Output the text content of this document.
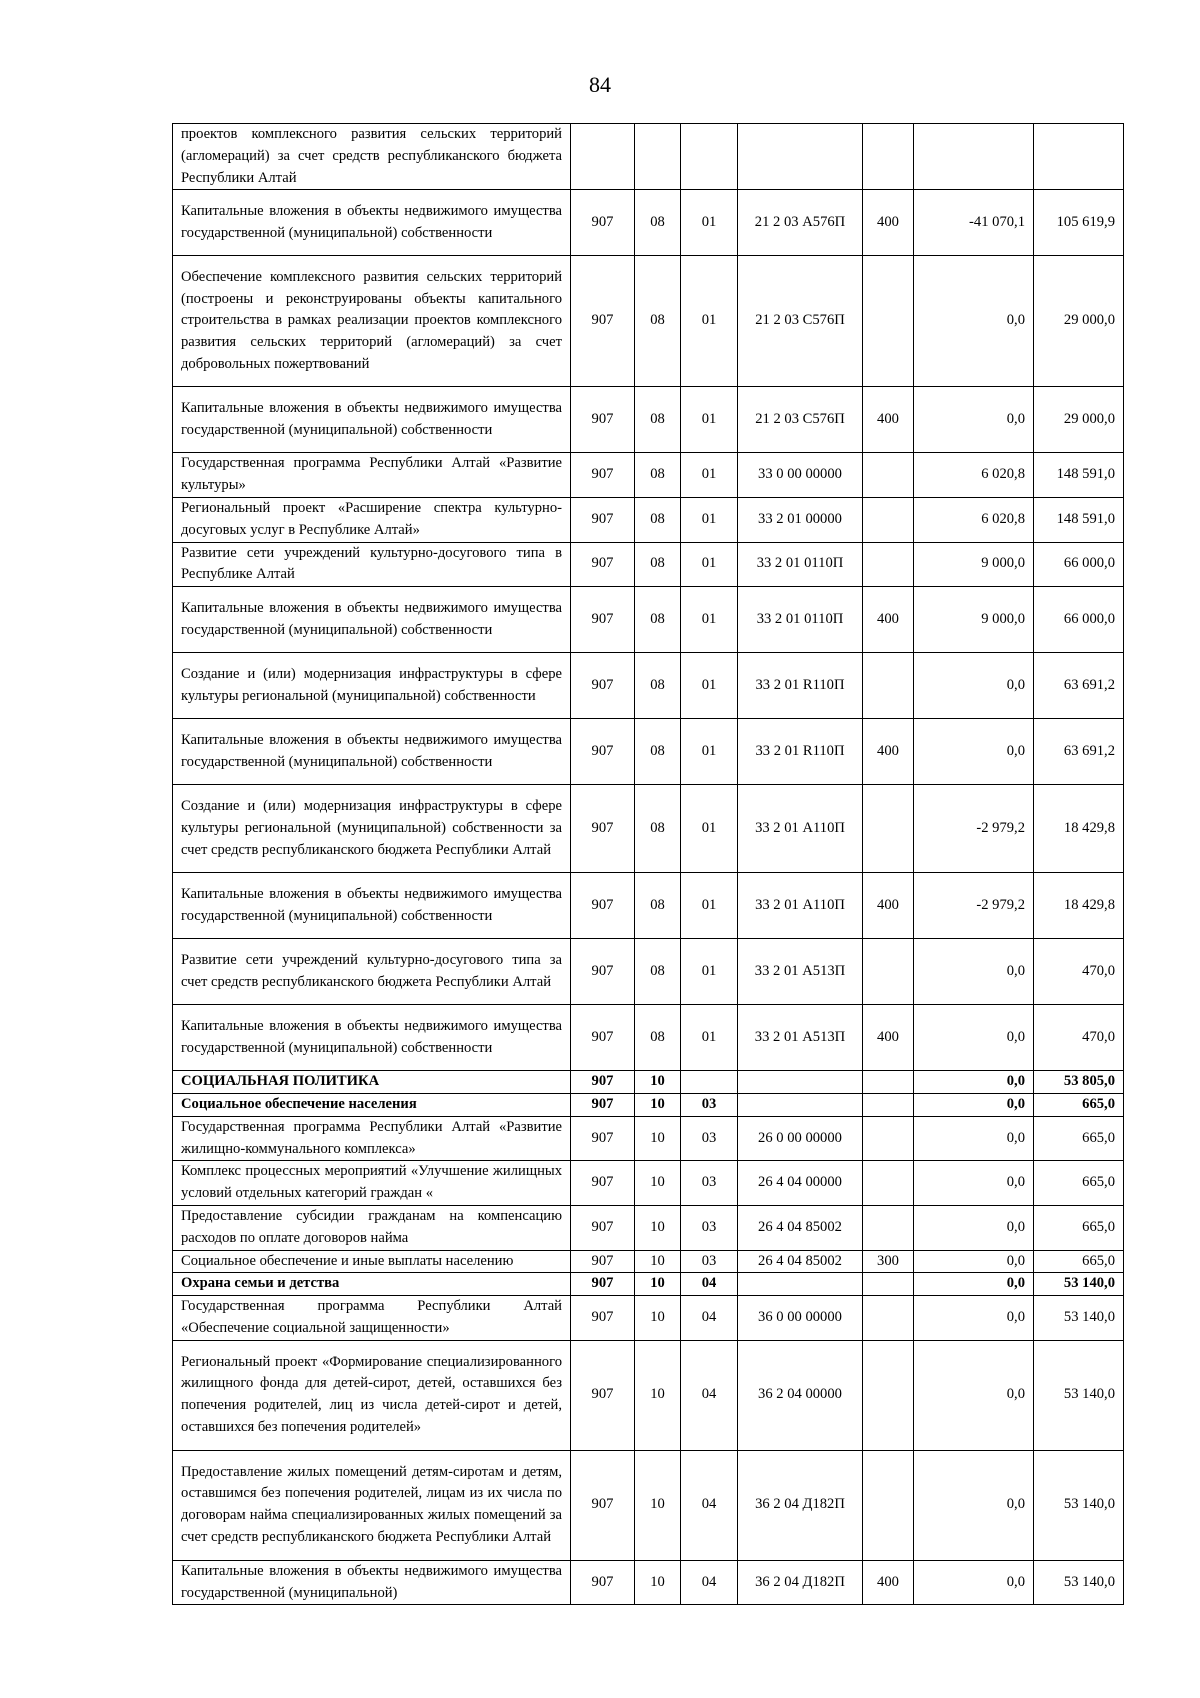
84
проектов комплексного развития сельских территорий (агломераций) за счет средств республиканского бюджета Республики Алтай							
Капитальные вложения в объекты недвижимого имущества государственной (муниципальной) собственности	907	08	01	21 2 03 А576П	400	-41 070,1	105 619,9
Обеспечение комплексного развития сельских территорий (построены и реконструированы объекты капитального строительства в рамках реализации проектов комплексного развития сельских территорий (агломераций) за счет добровольных пожертвований	907	08	01	21 2 03 С576П		0,0	29 000,0
Капитальные вложения в объекты недвижимого имущества государственной (муниципальной) собственности	907	08	01	21 2 03 С576П	400	0,0	29 000,0
Государственная программа Республики Алтай «Развитие культуры»	907	08	01	33 0 00 00000		6 020,8	148 591,0
Региональный проект «Расширение спектра культурно-досуговых услуг в Республике Алтай»	907	08	01	33 2 01 00000		6 020,8	148 591,0
Развитие сети учреждений культурно-досугового типа в Республике Алтай	907	08	01	33 2 01 0110П		9 000,0	66 000,0
Капитальные вложения в объекты недвижимого имущества государственной (муниципальной) собственности	907	08	01	33 2 01 0110П	400	9 000,0	66 000,0
Создание и (или) модернизация инфраструктуры в сфере культуры региональной (муниципальной) собственности	907	08	01	33 2 01 R110П		0,0	63 691,2
Капитальные вложения в объекты недвижимого имущества государственной (муниципальной) собственности	907	08	01	33 2 01 R110П	400	0,0	63 691,2
Создание и (или) модернизация инфраструктуры в сфере культуры региональной (муниципальной) собственности за счет средств республиканского бюджета Республики Алтай	907	08	01	33 2 01 А110П		-2 979,2	18 429,8
Капитальные вложения в объекты недвижимого имущества государственной (муниципальной) собственности	907	08	01	33 2 01 А110П	400	-2 979,2	18 429,8
Развитие сети учреждений культурно-досугового типа за счет средств республиканского бюджета Республики Алтай	907	08	01	33 2 01 А513П		0,0	470,0
Капитальные вложения в объекты недвижимого имущества государственной (муниципальной) собственности	907	08	01	33 2 01 А513П	400	0,0	470,0
СОЦИАЛЬНАЯ ПОЛИТИКА	907	10				0,0	53 805,0
Социальное обеспечение населения	907	10	03			0,0	665,0
Государственная программа Республики Алтай «Развитие жилищно-коммунального комплекса»	907	10	03	26 0 00 00000		0,0	665,0
Комплекс процессных мероприятий «Улучшение жилищных условий отдельных категорий граждан «	907	10	03	26 4 04 00000		0,0	665,0
Предоставление субсидии гражданам на компенсацию расходов по оплате договоров найма	907	10	03	26 4 04 85002		0,0	665,0
Социальное обеспечение и иные выплаты населению	907	10	03	26 4 04 85002	300	0,0	665,0
Охрана семьи и детства	907	10	04			0,0	53 140,0
Государственная программа Республики Алтай «Обеспечение социальной защищенности»	907	10	04	36 0 00 00000		0,0	53 140,0
Региональный проект «Формирование специализированного жилищного фонда для детей-сирот, детей, оставшихся без попечения родителей, лиц из числа детей-сирот и детей, оставшихся без попечения родителей»	907	10	04	36 2 04 00000		0,0	53 140,0
Предоставление жилых помещений детям-сиротам и детям, оставшимся без попечения родителей, лицам из их числа по договорам найма специализированных жилых помещений за счет средств республиканского бюджета Республики Алтай	907	10	04	36 2 04 Д182П		0,0	53 140,0
Капитальные вложения в объекты недвижимого имущества государственной (муниципальной)	907	10	04	36 2 04 Д182П	400	0,0	53 140,0
